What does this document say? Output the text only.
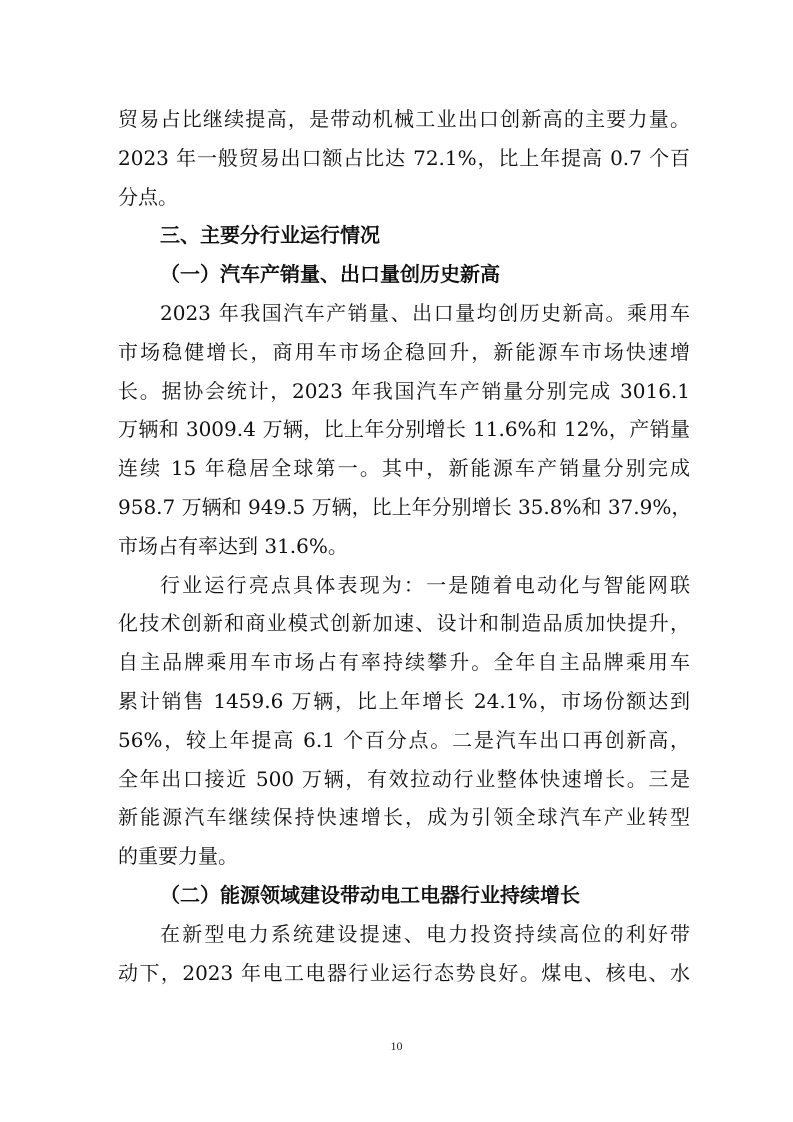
贸易占比继续提高，是带动机械工业出口创新高的主要力量。
2023 年一般贸易出口额占比达 72.1%，比上年提高 0.7 个百
分点。
三、主要分行业运行情况
（一）汽车产销量、出口量创历史新高
2023 年我国汽车产销量、出口量均创历史新高。乘用车
市场稳健增长，商用车市场企稳回升，新能源车市场快速增
长。据协会统计，2023 年我国汽车产销量分别完成 3016.1
万辆和 3009.4 万辆，比上年分别增长 11.6%和 12%，产销量
连续 15 年稳居全球第一。其中，新能源车产销量分别完成
958.7 万辆和 949.5 万辆，比上年分别增长 35.8%和 37.9%，
市场占有率达到 31.6%。
行业运行亮点具体表现为：一是随着电动化与智能网联
化技术创新和商业模式创新加速、设计和制造品质加快提升，
自主品牌乘用车市场占有率持续攀升。全年自主品牌乘用车
累计销售 1459.6 万辆，比上年增长 24.1%，市场份额达到
56%，较上年提高 6.1 个百分点。二是汽车出口再创新高，
全年出口接近 500 万辆，有效拉动行业整体快速增长。三是
新能源汽车继续保持快速增长，成为引领全球汽车产业转型
的重要力量。
（二）能源领域建设带动电工电器行业持续增长
在新型电力系统建设提速、电力投资持续高位的利好带
动下，2023 年电工电器行业运行态势良好。煤电、核电、水
10
